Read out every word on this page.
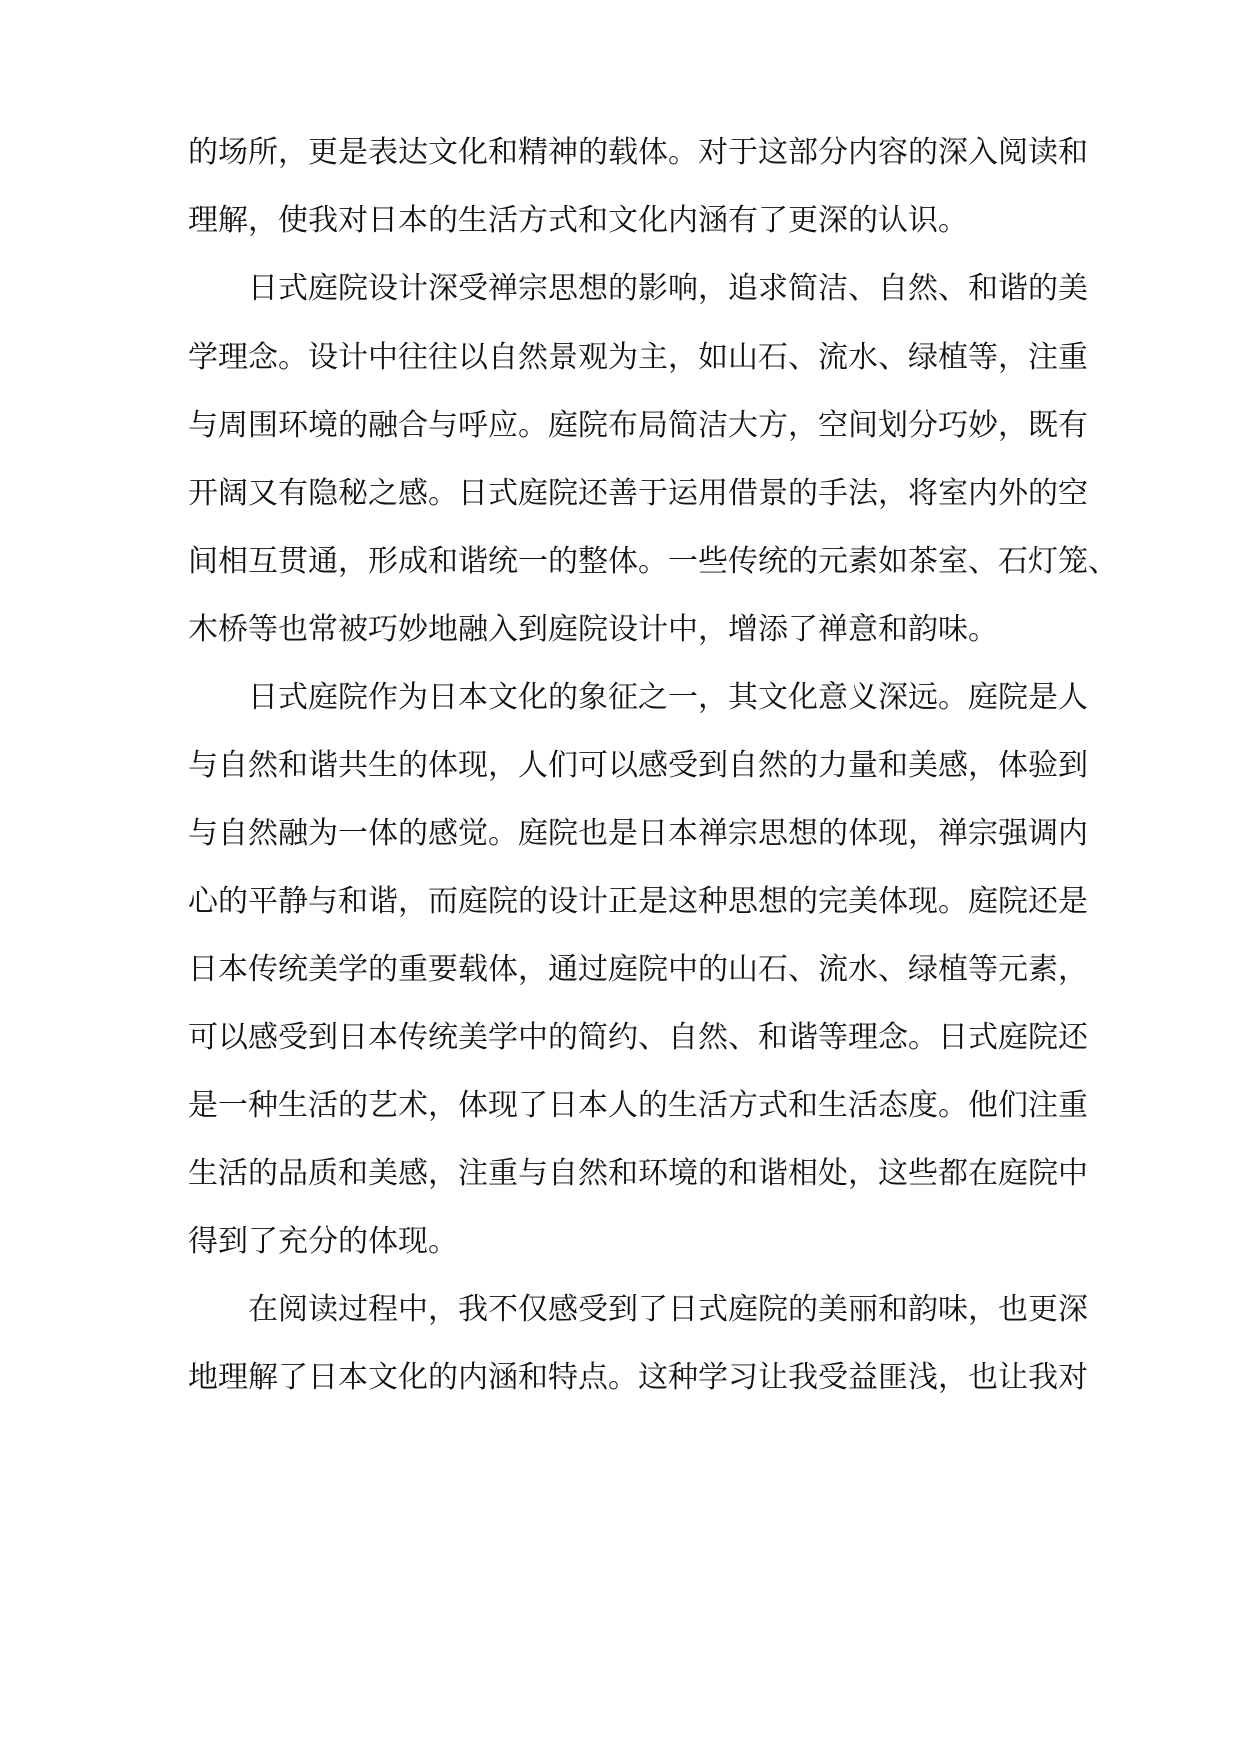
的场所，更是表达文化和精神的载体。对于这部分内容的深入阅读和
理解，使我对日本的生活方式和文化内涵有了更深的认识。
日式庭院设计深受禅宗思想的影响，追求简洁、自然、和谐的美
学理念。设计中往往以自然景观为主，如山石、流水、绿植等，注重
与周围环境的融合与呼应。庭院布局简洁大方，空间划分巧妙，既有
开阔又有隐秘之感。日式庭院还善于运用借景的手法，将室内外的空
间相互贯通，形成和谐统一的整体。一些传统的元素如茶室、石灯笼、
木桥等也常被巧妙地融入到庭院设计中，增添了禅意和韵味。
日式庭院作为日本文化的象征之一，其文化意义深远。庭院是人
与自然和谐共生的体现，人们可以感受到自然的力量和美感，体验到
与自然融为一体的感觉。庭院也是日本禅宗思想的体现，禅宗强调内
心的平静与和谐，而庭院的设计正是这种思想的完美体现。庭院还是
日本传统美学的重要载体，通过庭院中的山石、流水、绿植等元素，
可以感受到日本传统美学中的简约、自然、和谐等理念。日式庭院还
是一种生活的艺术，体现了日本人的生活方式和生活态度。他们注重
生活的品质和美感，注重与自然和环境的和谐相处，这些都在庭院中
得到了充分的体现。
在阅读过程中，我不仅感受到了日式庭院的美丽和韵味，也更深
地理解了日本文化的内涵和特点。这种学习让我受益匪浅，也让我对
